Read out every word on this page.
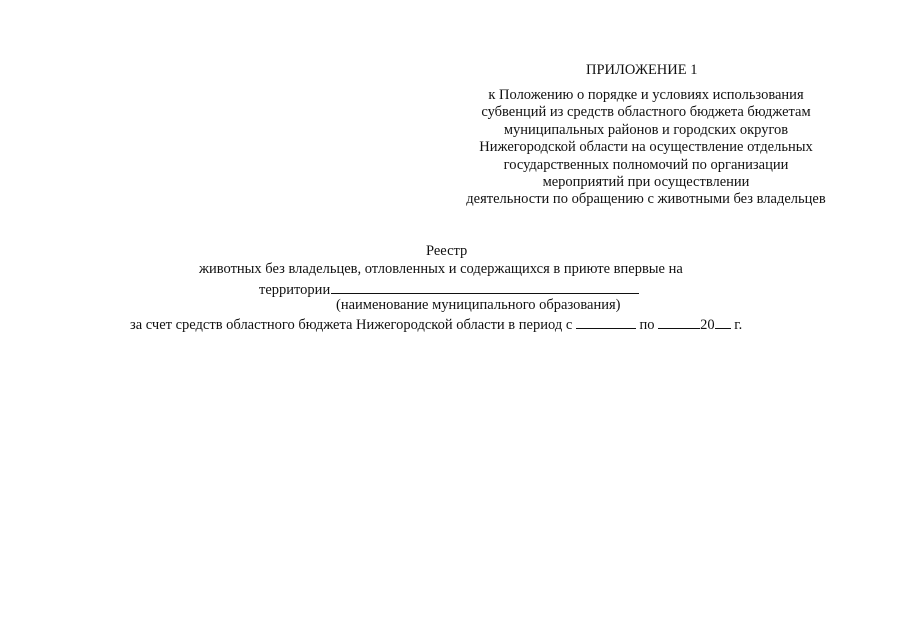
ПРИЛОЖЕНИЕ 1
к Положению о порядке и условиях использования
субвенций из средств областного бюджета бюджетам
муниципальных районов и городских округов
Нижегородской области на осуществление отдельных
государственных полномочий по организации
мероприятий при осуществлении
деятельности по обращению с животными без владельцев
Реестр
животных без владельцев, отловленных и содержащихся в приюте впервые на
территории
(наименование муниципального образования)
за счет средств областного бюджета Нижегородской области в период с	по	20 г.
